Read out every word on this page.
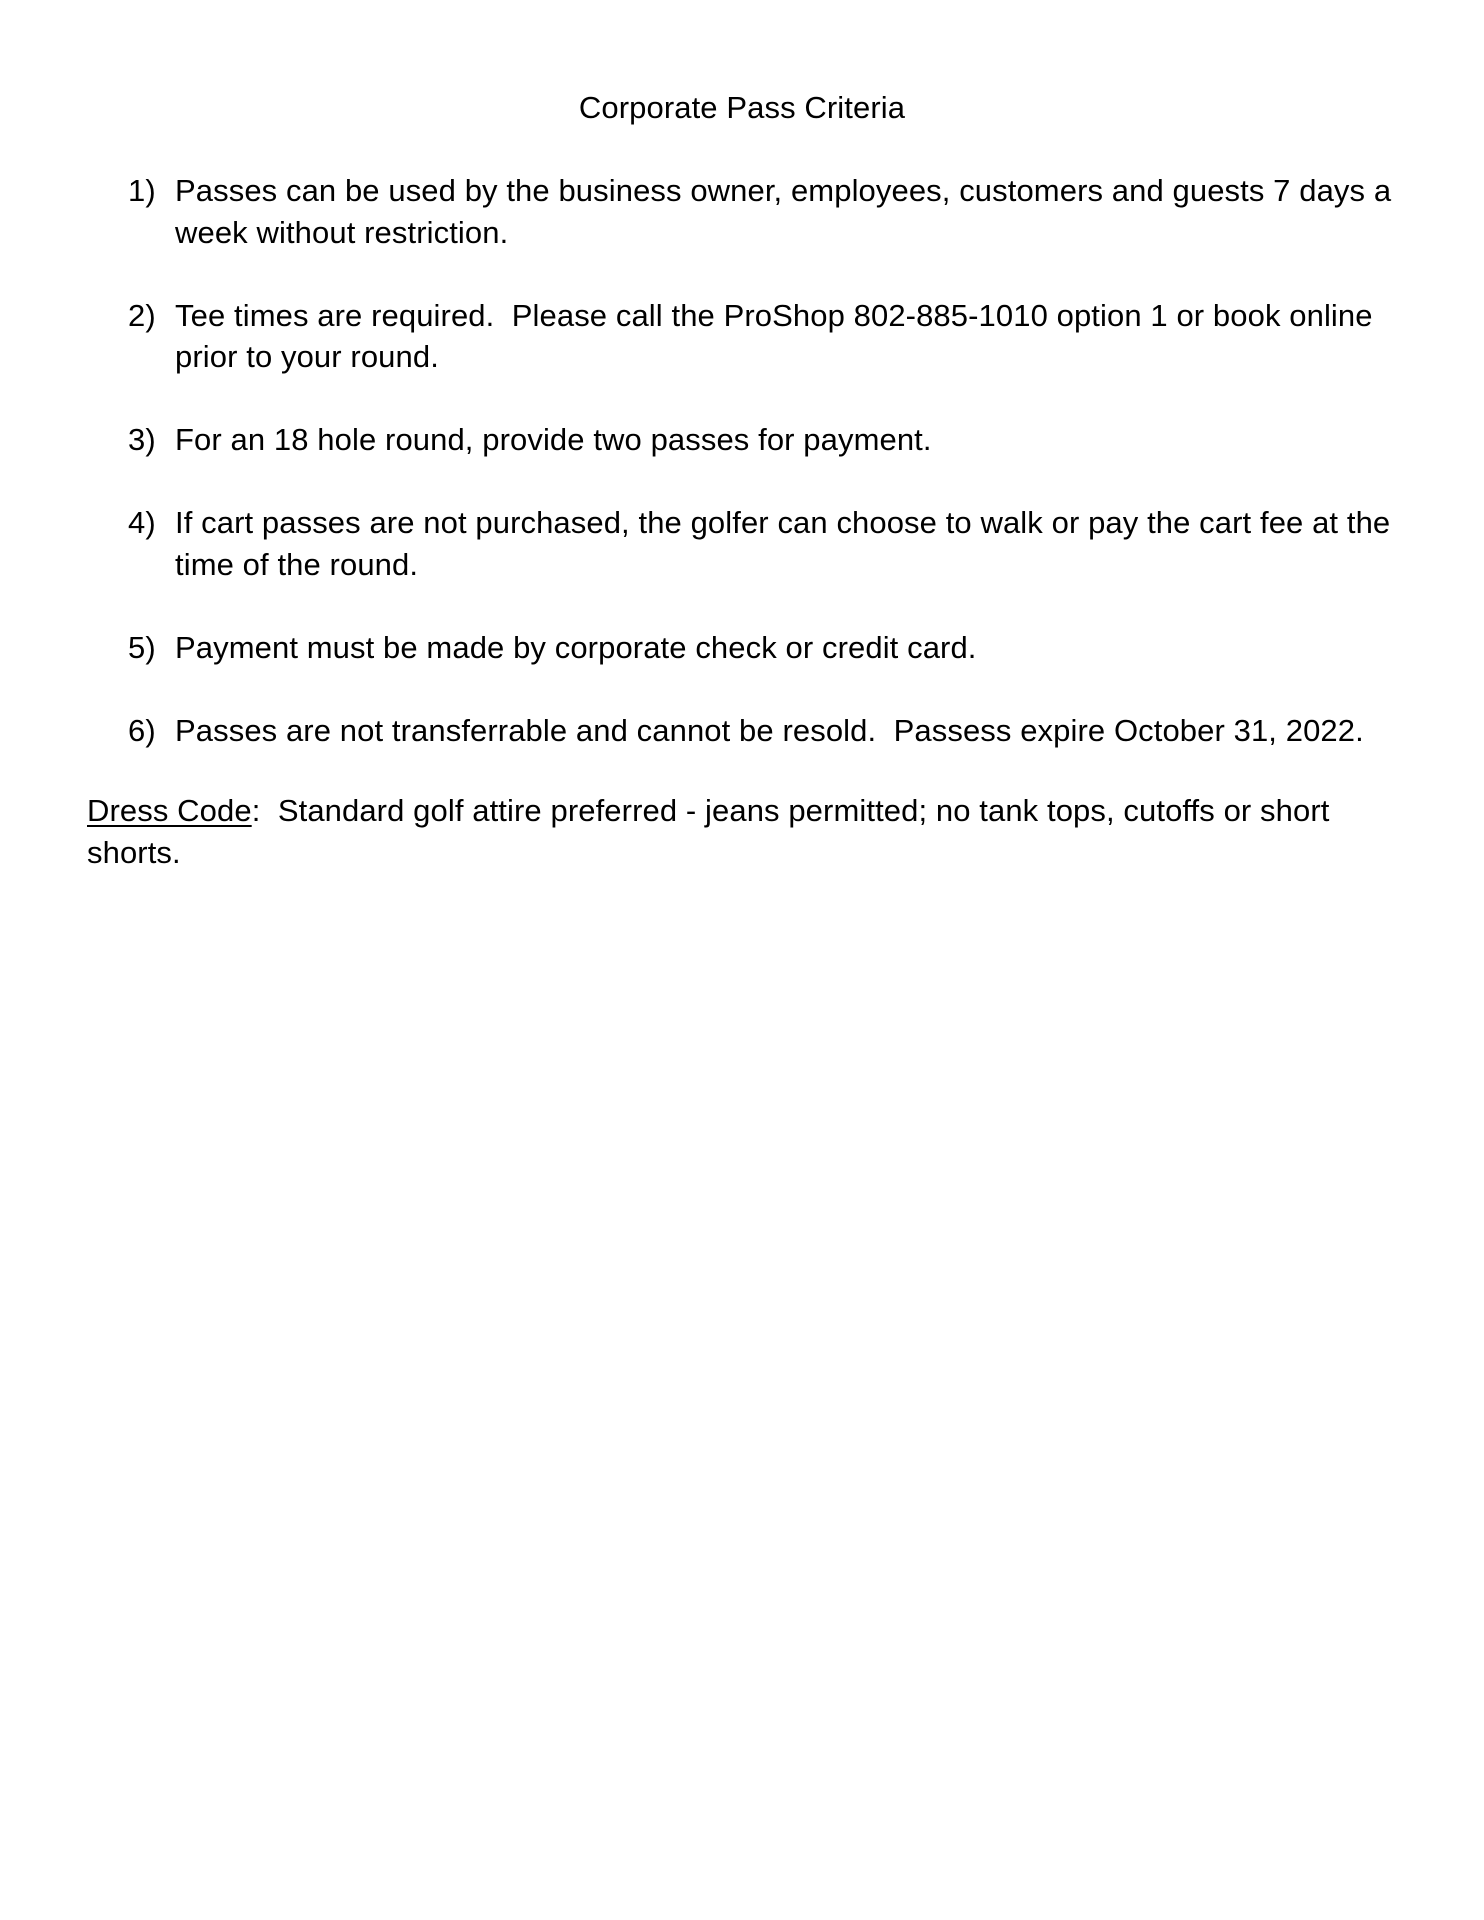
Corporate Pass Criteria
1) Passes can be used by the business owner, employees, customers and guests 7 days a week without restriction.
2) Tee times are required.  Please call the ProShop 802-885-1010 option 1 or book online prior to your round.
3) For an 18 hole round, provide two passes for payment.
4) If cart passes are not purchased, the golfer can choose to walk or pay the cart fee at the time of the round.
5) Payment must be made by corporate check or credit card.
6) Passes are not transferrable and cannot be resold.  Passess expire October 31, 2022.
Dress Code:  Standard golf attire preferred - jeans permitted; no tank tops, cutoffs or short shorts.
